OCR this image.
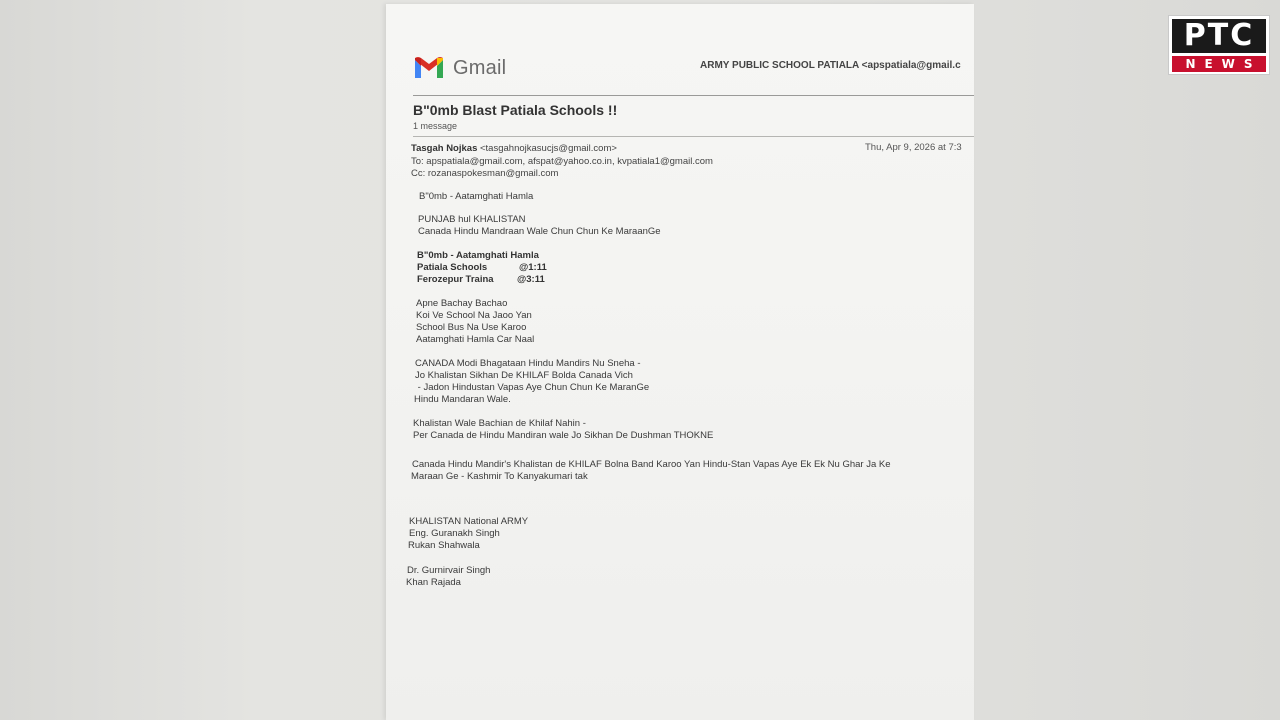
Gmail	ARMY PUBLIC SCHOOL PATIALA <apspatiala@gmail.c
B"0mb Blast Patiala Schools !!
1 message
Tasgah Nojkas <tasgahnojkasucjs@gmail.com>
To: apspatiala@gmail.com, afspat@yahoo.co.in, kvpatiala1@gmail.com
Cc: rozanaspokesman@gmail.com
Thu, Apr 9, 2026 at 7:3
B"0mb - Aatamghati Hamla
PUNJAB hul KHALISTAN
Canada Hindu Mandraan Wale Chun Chun Ke MaraanGe
B"0mb - Aatamghati Hamla
Patiala Schools	@1:11
Ferozepur Traina @3:11
Apne Bachay Bachao
Koi Ve School Na Jaoo Yan
School Bus Na Use Karoo
Aatamghati Hamla Car Naal
CANADA Modi Bhagataan Hindu Mandirs Nu Sneha -
Jo Khalistan Sikhan De KHILAF Bolda Canada Vich
- Jadon Hindustan Vapas Aye Chun Chun Ke MaranGe
Hindu Mandaran Wale.
Khalistan Wale Bachian de Khilaf Nahin -
Per Canada de Hindu Mandiran wale Jo Sikhan De Dushman THOKNE
Canada Hindu Mandir's Khalistan de KHILAF Bolna Band Karoo Yan Hindu-Stan Vapas Aye Ek Ek Nu Ghar Ja Ke
Maraan Ge - Kashmir To Kanyakumari tak
KHALISTAN National ARMY
Eng. Guranakh Singh
Rukan Shahwala
Dr. Gurnirvair Singh
Khan Rajada
PTC
NEWS
